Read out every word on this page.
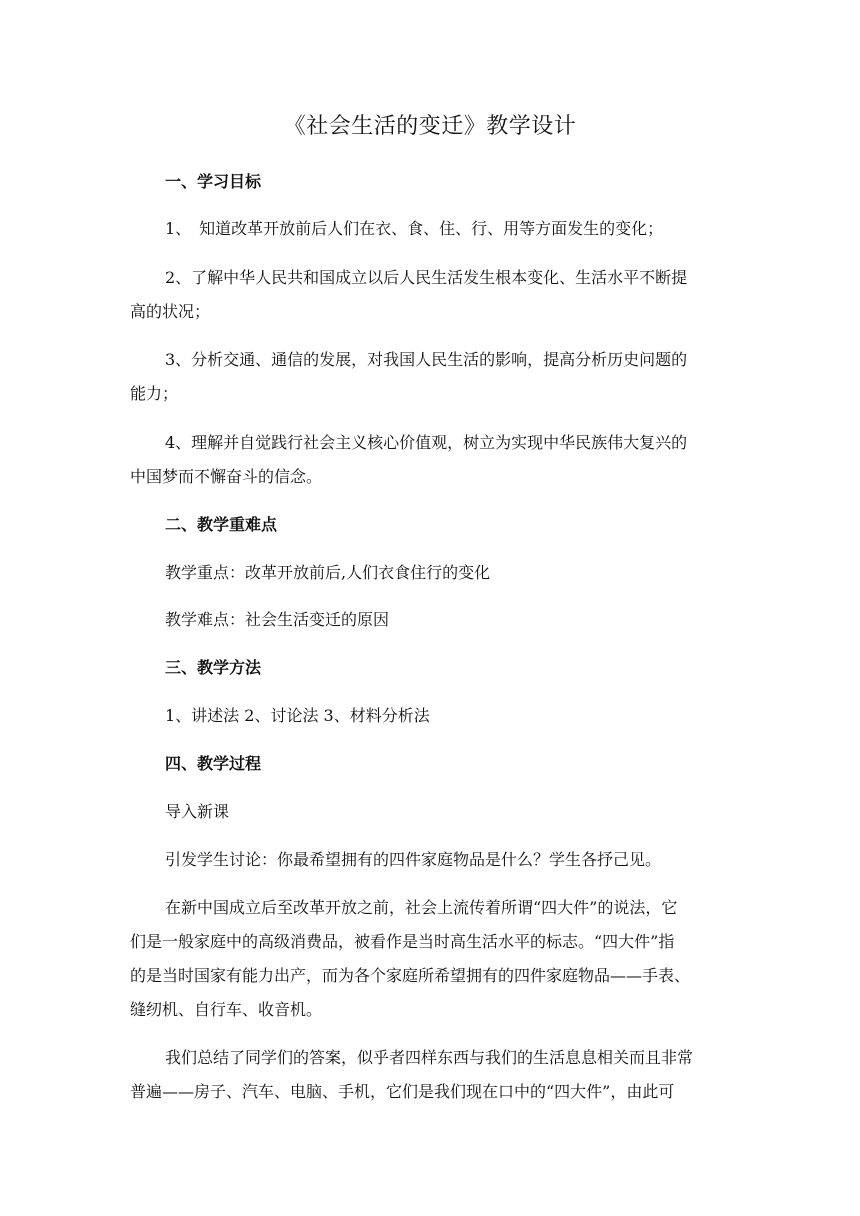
《社会生活的变迁》教学设计
一、学习目标
1、　知道改革开放前后人们在衣、食、住、行、用等方面发生的变化；
2、了解中华人民共和国成立以后人民生活发生根本变化、生活水平不断提
高的状况；
3、分析交通、通信的发展，对我国人民生活的影响，提高分析历史问题的
能力；
4、理解并自觉践行社会主义核心价值观，树立为实现中华民族伟大复兴的
中国梦而不懈奋斗的信念。
二、教学重难点
教学重点：改革开放前后,人们衣食住行的变化
教学难点：社会生活变迁的原因
三、教学方法
1、讲述法 2、讨论法 3、材料分析法
四、教学过程
导入新课
引发学生讨论：你最希望拥有的四件家庭物品是什么？学生各抒己见。
在新中国成立后至改革开放之前，社会上流传着所谓“四大件”的说法，它
们是一般家庭中的高级消费品，被看作是当时高生活水平的标志。“四大件”指
的是当时国家有能力出产，而为各个家庭所希望拥有的四件家庭物品——手表、
缝纫机、自行车、收音机。
我们总结了同学们的答案，似乎者四样东西与我们的生活息息相关而且非常
普遍——房子、汽车、电脑、手机，它们是我们现在口中的“四大件”，由此可
